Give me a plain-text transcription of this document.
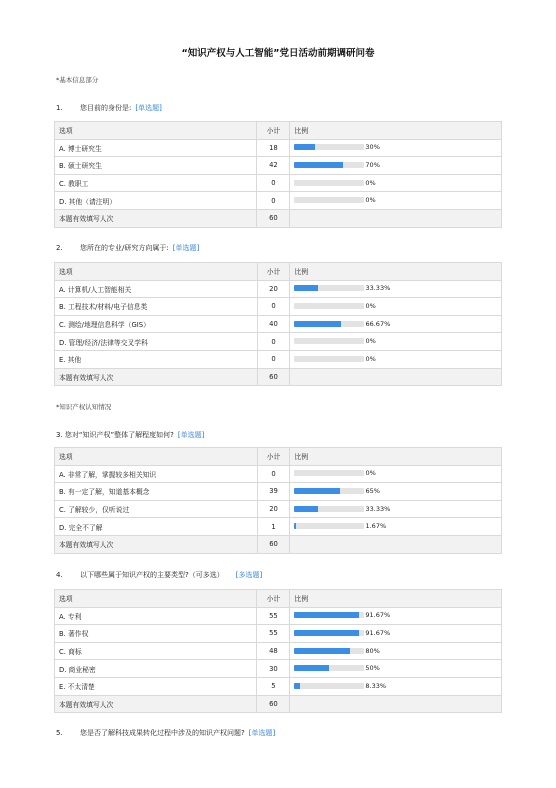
“知识产权与人工智能”党日活动前期调研问卷
*基本信息部分
1. 您目前的身份是: [单选题]
选项	小计	比例
A. 博士研究生	18	30%

B. 硕士研究生	42	70%

C. 教职工	0	0%

D. 其他（请注明）	0	0%

本题有效填写人次	60	
2. 您所在的专业/研究方向属于: [单选题]
选项	小计	比例
A. 计算机/人工智能相关	20	33.33%

B. 工程技术/材料/电子信息类	0	0%

C. 测绘/地理信息科学（GIS）	40	66.67%

D. 管理/经济/法律等交叉学科	0	0%

E. 其他	0	0%

本题有效填写人次	60	
*知识产权认知情况
3. 您对“知识产权”整体了解程度如何? [单选题]
选项	小计	比例
A. 非常了解，掌握较多相关知识	0	0%

B. 有一定了解，知道基本概念	39	65%

C. 了解较少，仅听说过	20	33.33%

D. 完全不了解	1	1.67%

本题有效填写人次	60	
4. 以下哪些属于知识产权的主要类型?（可多选） [多选题]
选项	小计	比例
A. 专利	55	91.67%

B. 著作权	55	91.67%

C. 商标	48	80%

D. 商业秘密	30	50%

E. 不太清楚	5	8.33%

本题有效填写人次	60	
5. 您是否了解科技成果转化过程中涉及的知识产权问题? [单选题]
